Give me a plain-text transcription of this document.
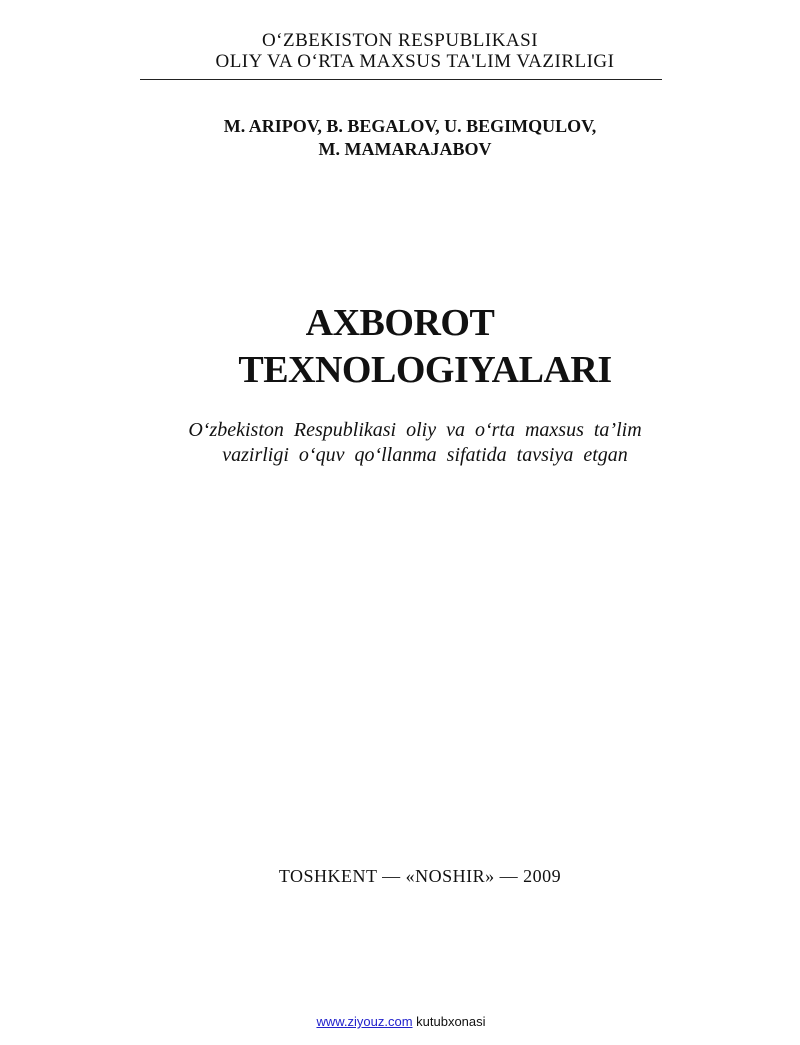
O‘ZBEKISTON RESPUBLIKASI
OLIY VA O‘RTA MAXSUS TA'LIM VAZIRLIGI
M. ARIPOV, B. BEGALOV, U. BEGIMQULOV,
M. MAMARAJABOV
AXBOROT
TEXNOLOGIYALARI
O‘zbekiston Respublikasi oliy va o‘rta maxsus ta’lim
vazirligi o‘quv qo‘llanma sifatida tavsiya etgan
TOSHKENT — «NOSHIR» — 2009
www.ziyouz.com kutubxonasi
